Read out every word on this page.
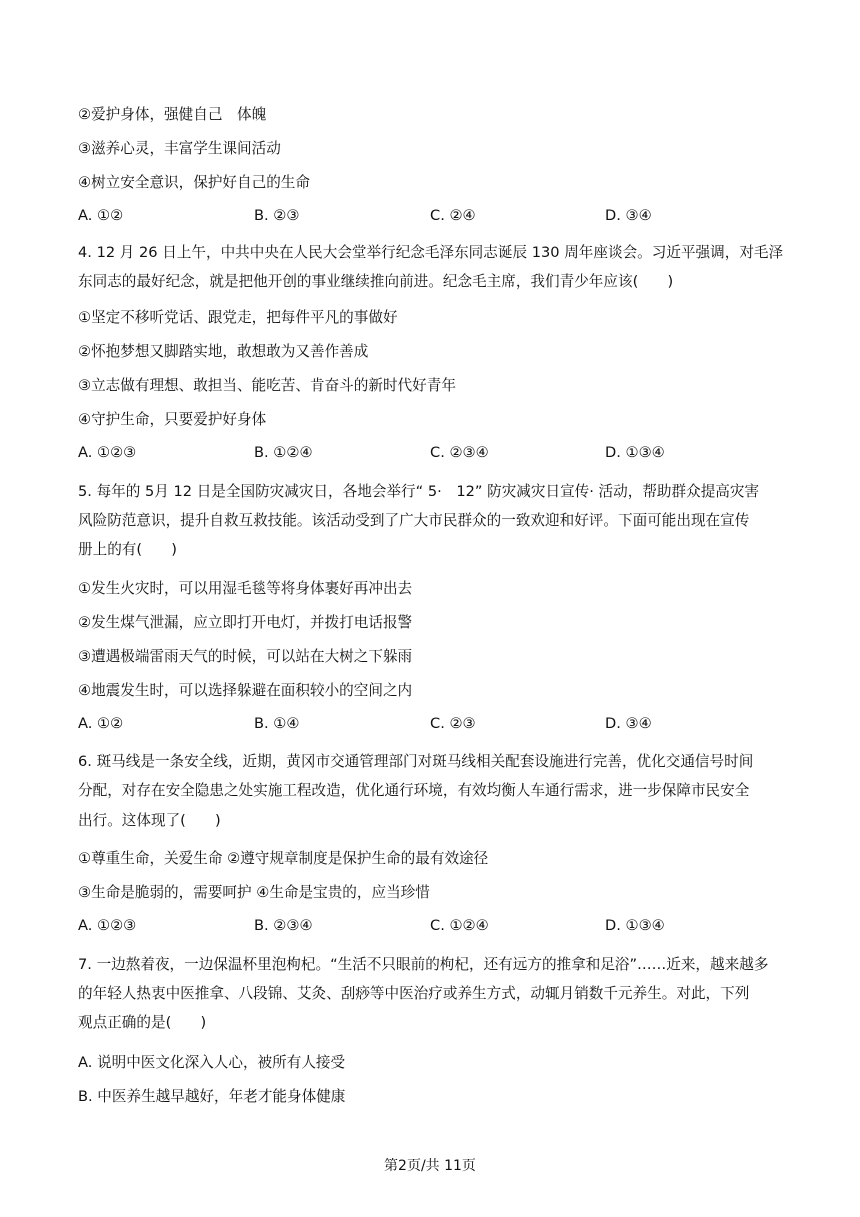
②爱护身体，强健自己　体魄
③滋养心灵，丰富学生课间活动
④树立安全意识，保护好自己的生命
A. ①②	B. ②③	C. ②④	D. ③④
4. 12 月 26 日上午，中共中央在人民大会堂举行纪念毛泽东同志诞辰 130 周年座谈会。习近平强调，对毛泽
东同志的最好纪念，就是把他开创的事业继续推向前进。纪念毛主席，我们青少年应该(　　)
①坚定不移听党话、跟党走，把每件平凡的事做好
②怀抱梦想又脚踏实地，敢想敢为又善作善成
③立志做有理想、敢担当、能吃苦、肯奋斗的新时代好青年
④守护生命，只要爱护好身体
A. ①②③	B. ①②④	C. ②③④	D. ①③④
5. 每年的 5月 12 日是全国防灾减灾日，各地会举行“ 5·　12” 防灾减灾日宣传· 活动，帮助群众提高灾害
风险防范意识，提升自救互救技能。该活动受到了广大市民群众的一致欢迎和好评。下面可能出现在宣传
册上的有(　　)
①发生火灾时，可以用湿毛毯等将身体裹好再冲出去
②发生煤气泄漏，应立即打开电灯，并拨打电话报警
③遭遇极端雷雨天气的时候，可以站在大树之下躲雨
④地震发生时，可以选择躲避在面积较小的空间之内
A. ①②	B. ①④	C. ②③	D. ③④
6. 斑马线是一条安全线，近期，黄冈市交通管理部门对斑马线相关配套设施进行完善，优化交通信号时间
分配，对存在安全隐患之处实施工程改造，优化通行环境，有效均衡人车通行需求，进一步保障市民安全
出行。这体现了(　　)
①尊重生命，关爱生命 ②遵守规章制度是保护生命的最有效途径
③生命是脆弱的，需要呵护 ④生命是宝贵的，应当珍惜
A. ①②③	B. ②③④	C. ①②④	D. ①③④
7. 一边熬着夜，一边保温杯里泡枸杞。“生活不只眼前的枸杞，还有远方的推拿和足浴”……近来，越来越多
的年轻人热衷中医推拿、八段锦、艾灸、刮痧等中医治疗或养生方式，动辄月销数千元养生。对此，下列
观点正确的是(　　)
A. 说明中医文化深入人心，被所有人接受
B. 中医养生越早越好，年老才能身体健康
第2页/共 11页
